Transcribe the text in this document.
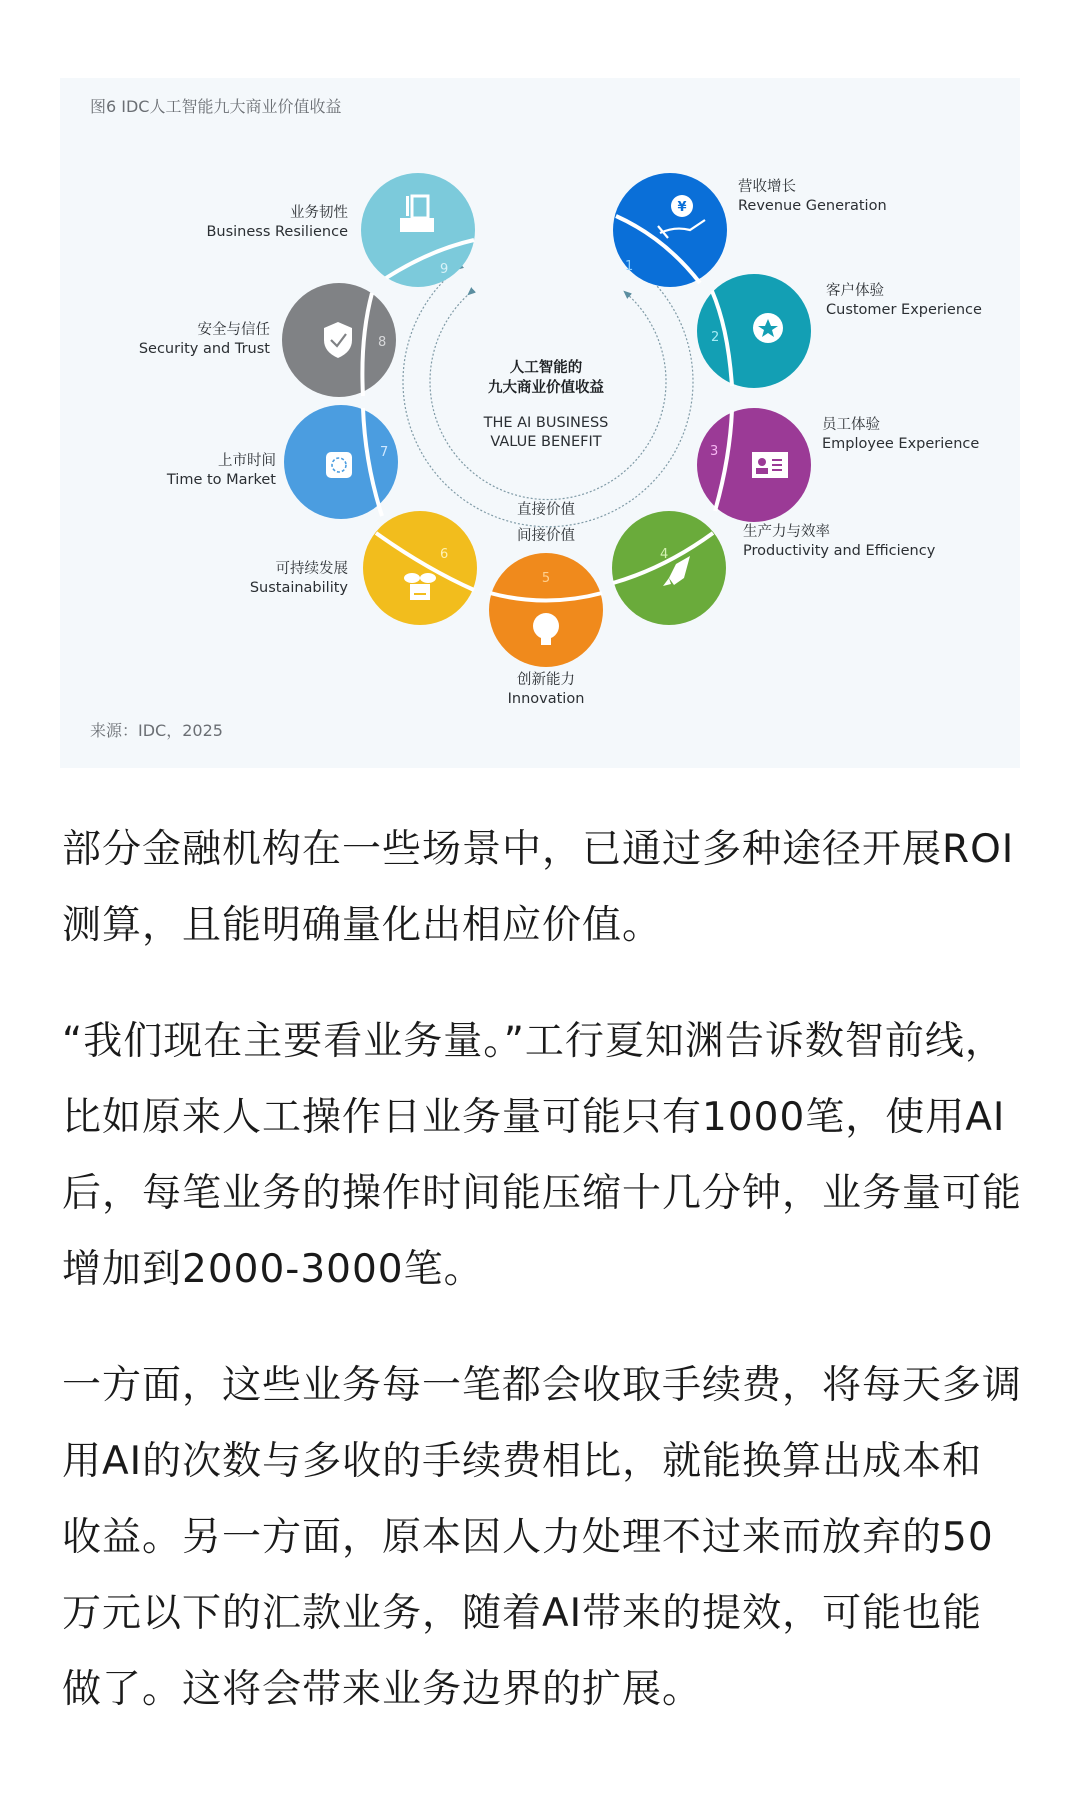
图6 IDC人工智能九大商业价值收益
1
¥
2
3
4
5
6
7
8
9
人工智能的
九大商业价值收益
THE AI BUSINESS
VALUE BENEFIT
直接价值
间接价值
营收增长
Revenue Generation
客户体验
Customer Experience
员工体验
Employee Experience
生产力与效率
Productivity and Efficiency
创新能力
Innovation
可持续发展
Sustainability
上市时间
Time to Market
安全与信任
Security and Trust
业务韧性
Business Resilience
来源：IDC，2025

部分金融机构在一些场景中，已通过多种途径开展ROI测算，且能明确量化出相应价值。

“我们现在主要看业务量。”工行夏知渊告诉数智前线，比如原来人工操作日业务量可能只有1000笔，使用AI后，每笔业务的操作时间能压缩十几分钟，业务量可能增加到2000-3000笔。

一方面，这些业务每一笔都会收取手续费，将每天多调用AI的次数与多收的手续费相比，就能换算出成本和收益。另一方面，原本因人力处理不过来而放弃的50万元以下的汇款业务，随着AI带来的提效，可能也能做了。这将会带来业务边界的扩展。
